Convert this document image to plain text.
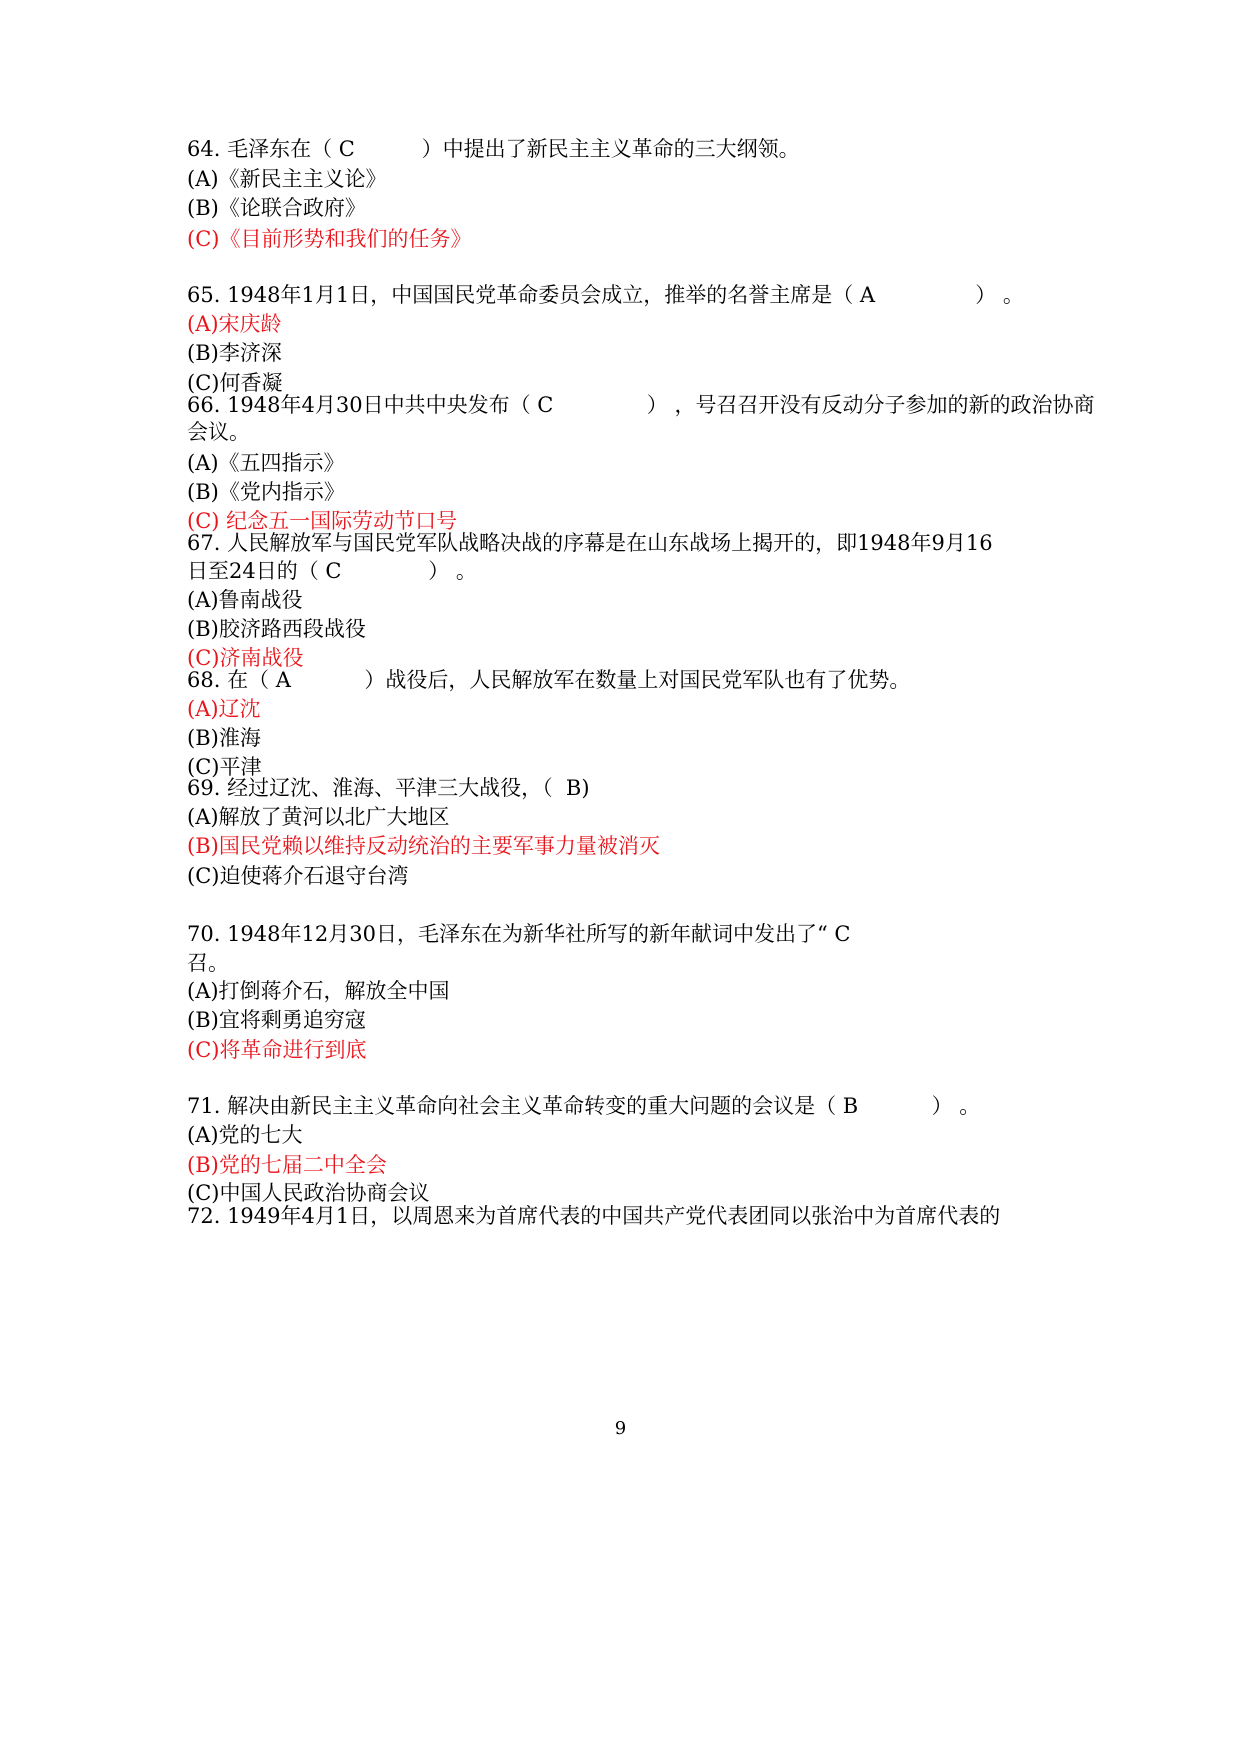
64. 毛泽东在（ C          ）中提出了新民主主义革命的三大纲领。
(A)《新民主主义论》
(B)《论联合政府》
(C)《目前形势和我们的任务》
65. 1948年1月1日，中国国民党革命委员会成立，推举的名誉主席是（ A               ） 。
(A)宋庆龄
(B)李济深
(C)何香凝
66. 1948年4月30日中共中央发布（ C              ） ，号召召开没有反动分子参加的新的政治协商
会议。
(A)《五四指示》
(B)《党内指示》
(C) 纪念五一国际劳动节口号
67. 人民解放军与国民党军队战略决战的序幕是在山东战场上揭开的，即1948年9月16
日至24日的（ C             ） 。
(A)鲁南战役
(B)胶济路西段战役
(C)济南战役
68. 在（ A           ）战役后，人民解放军在数量上对国民党军队也有了优势。
(A)辽沈
(B)淮海
(C)平津
69. 经过辽沈、淮海、平津三大战役，（  B)
(A)解放了黄河以北广大地区
(B)国民党赖以维持反动统治的主要军事力量被消灭
(C)迫使蒋介石退守台湾
70. 1948年12月30日，毛泽东在为新华社所写的新年献词中发出了“ C
召。
(A)打倒蒋介石，解放全中国
(B)宜将剩勇追穷寇
(C)将革命进行到底
71. 解决由新民主主义革命向社会主义革命转变的重大问题的会议是（ B           ） 。
(A)党的七大
(B)党的七届二中全会
(C)中国人民政治协商会议
72. 1949年4月1日，以周恩来为首席代表的中国共产党代表团同以张治中为首席代表的
9
